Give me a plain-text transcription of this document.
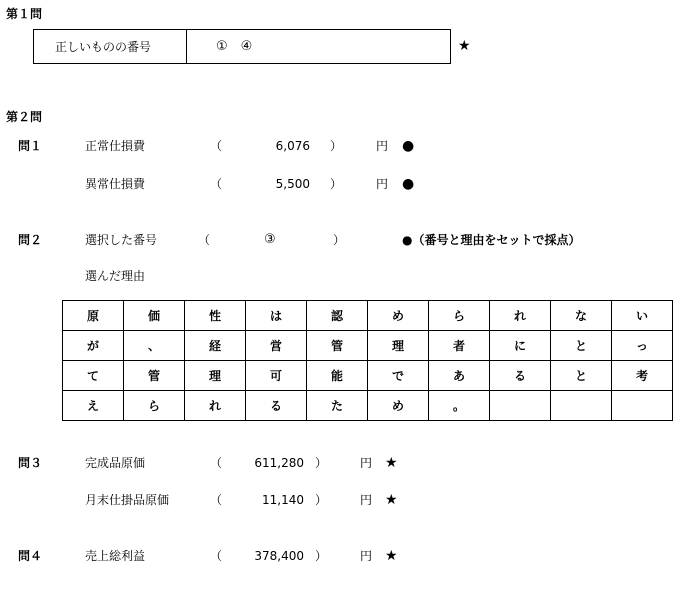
第１問
正しいものの番号	①　④	★
第２問
問１	正常仕損費	（	6,076 ）	円 ●
異常仕損費	（	5,500 ）	円 ●
問２	選択した番号	（	③	）	●（番号と理由をセットで採点）
選んだ理由
原	価	性	は	認	め	ら	れ	な	い
が	、	経	営	管	理	者	に	と	っ
て	管	理	可	能	で	あ	る	と	考
え	ら	れ	る	た	め	。			
問３	完成品原価	（	611,280 ）	円 ★
月末仕掛品原価	（	11,140 ）	円 ★
問４	売上総利益	（	378,400 ）	円 ★
